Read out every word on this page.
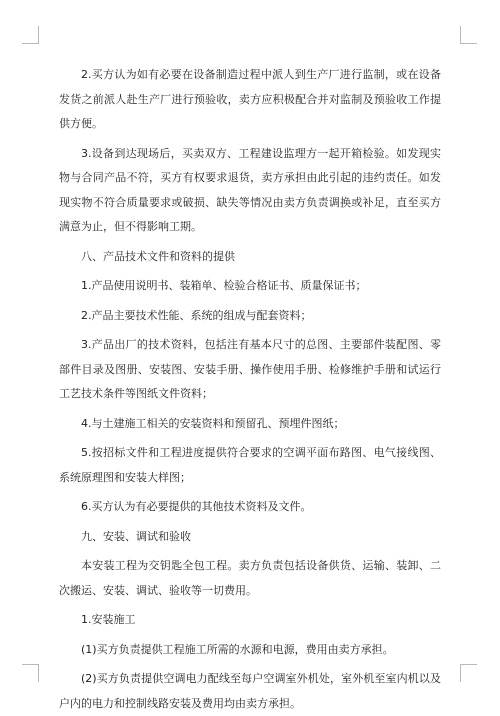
2.买方认为如有必要在设备制造过程中派人到生产厂进行监制，或在设备发货之前派人赴生产厂进行预验收，卖方应积极配合并对监制及预验收工作提供方便。

3.设备到达现场后，买卖双方、工程建设监理方一起开箱检验。如发现实物与合同产品不符，买方有权要求退货，卖方承担由此引起的违约责任。如发现实物不符合质量要求或破损、缺失等情况由卖方负责调换或补足，直至买方满意为止，但不得影响工期。

八、产品技术文件和资料的提供

1.产品使用说明书、装箱单、检验合格证书、质量保证书；

2.产品主要技术性能、系统的组成与配套资料；

3.产品出厂的技术资料，包括注有基本尺寸的总图、主要部件装配图、零部件目录及图册、安装图、安装手册、操作使用手册、检修维护手册和试运行工艺技术条件等图纸文件资料；

4.与土建施工相关的安装资料和预留孔、预埋件图纸；

5.按招标文件和工程进度提供符合要求的空调平面布路图、电气接线图、系统原理图和安装大样图；

6.买方认为有必要提供的其他技术资料及文件。

九、安装、调试和验收

本安装工程为交钥匙全包工程。卖方负责包括设备供货、运输、装卸、二次搬运、安装、调试、验收等一切费用。

1.安装施工

(1)买方负责提供工程施工所需的水源和电源，费用由卖方承担。

(2)买方负责提供空调电力配线至每户空调室外机处，室外机至室内机以及户内的电力和控制线路安装及费用均由卖方承担。
